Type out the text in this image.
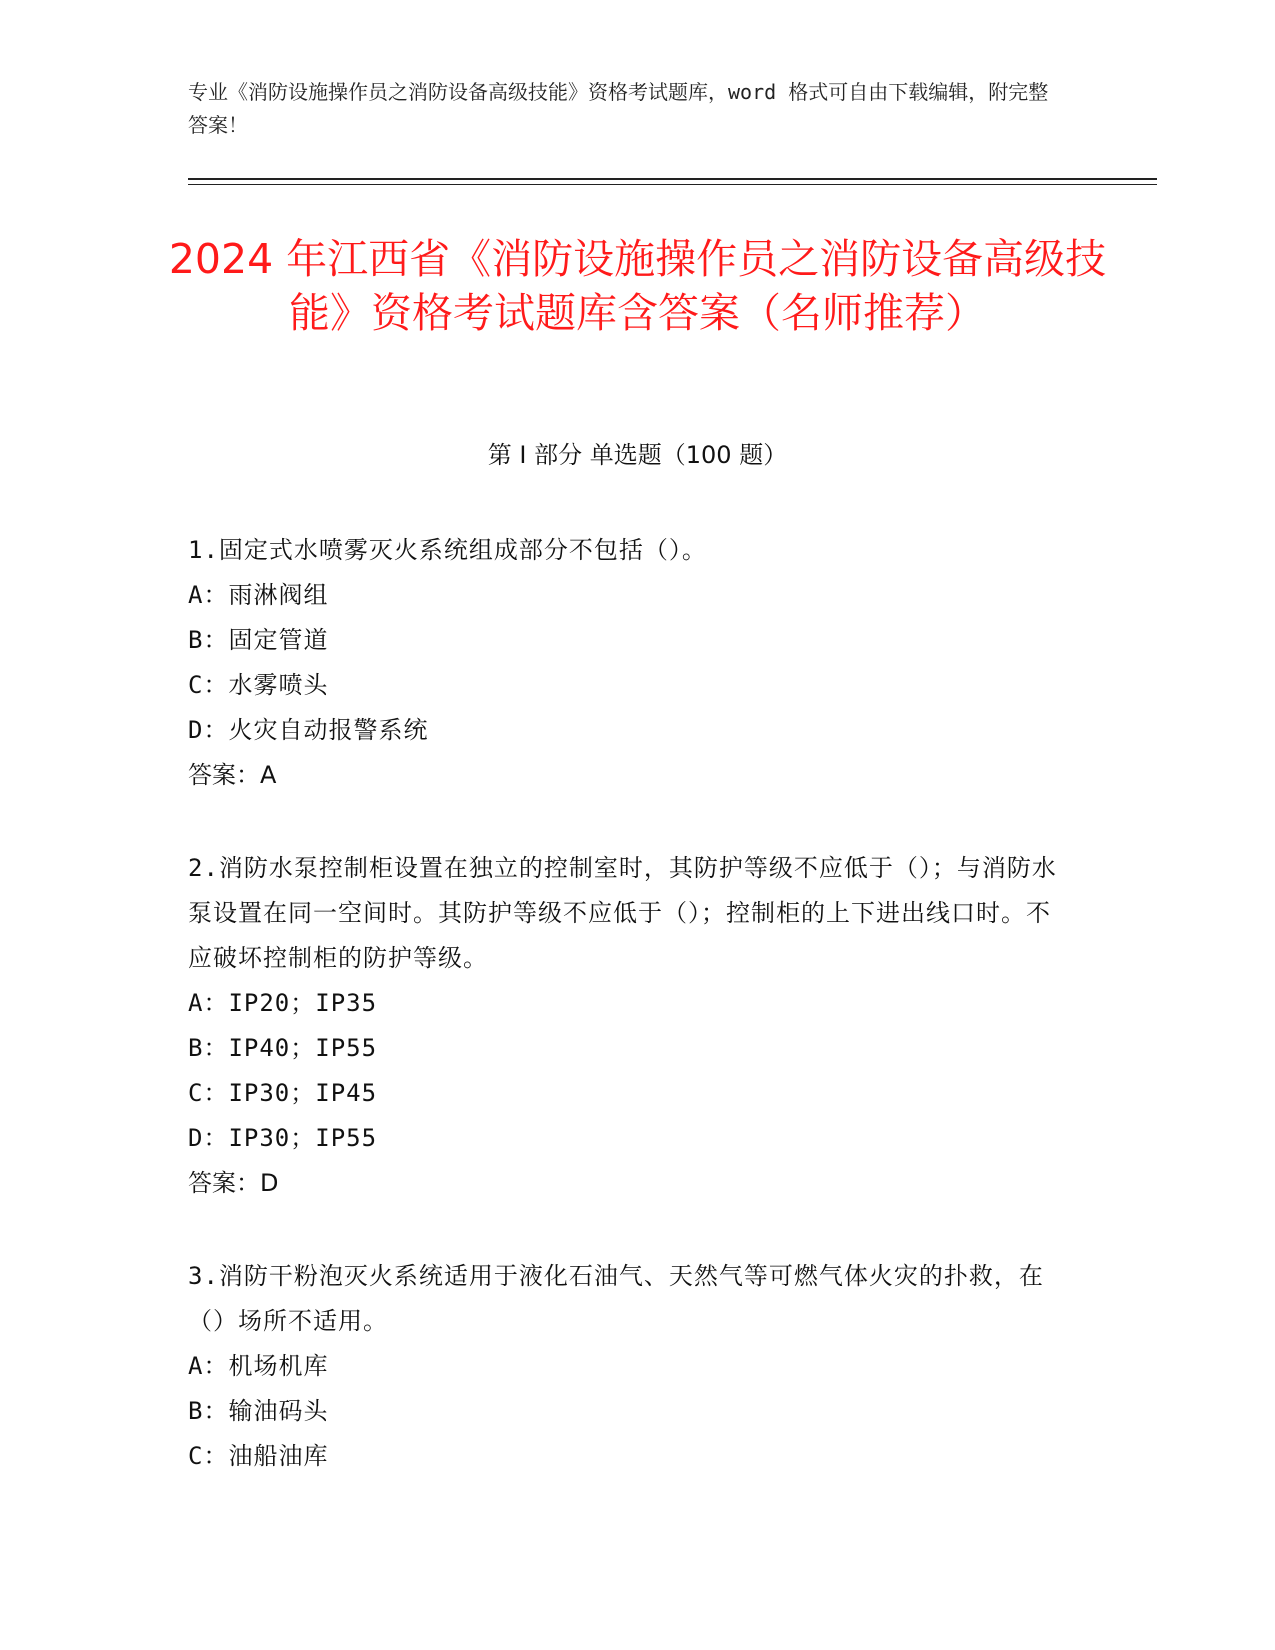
专业《消防设施操作员之消防设备高级技能》资格考试题库，word 格式可自由下载编辑，附完整答案！
2024 年江西省《消防设施操作员之消防设备高级技能》资格考试题库含答案（名师推荐）
第 I 部分 单选题（100 题）
1.固定式水喷雾灭火系统组成部分不包括（）。
A：雨淋阀组
B：固定管道
C：水雾喷头
D：火灾自动报警系统
答案：A
2.消防水泵控制柜设置在独立的控制室时，其防护等级不应低于（）；与消防水泵设置在同一空间时。其防护等级不应低于（）；控制柜的上下进出线口时。不应破坏控制柜的防护等级。
A：IP20；IP35
B：IP40；IP55
C：IP30；IP45
D：IP30；IP55
答案：D
3.消防干粉泡灭火系统适用于液化石油气、天然气等可燃气体火灾的扑救，在（）场所不适用。
A：机场机库
B：输油码头
C：油船油库
